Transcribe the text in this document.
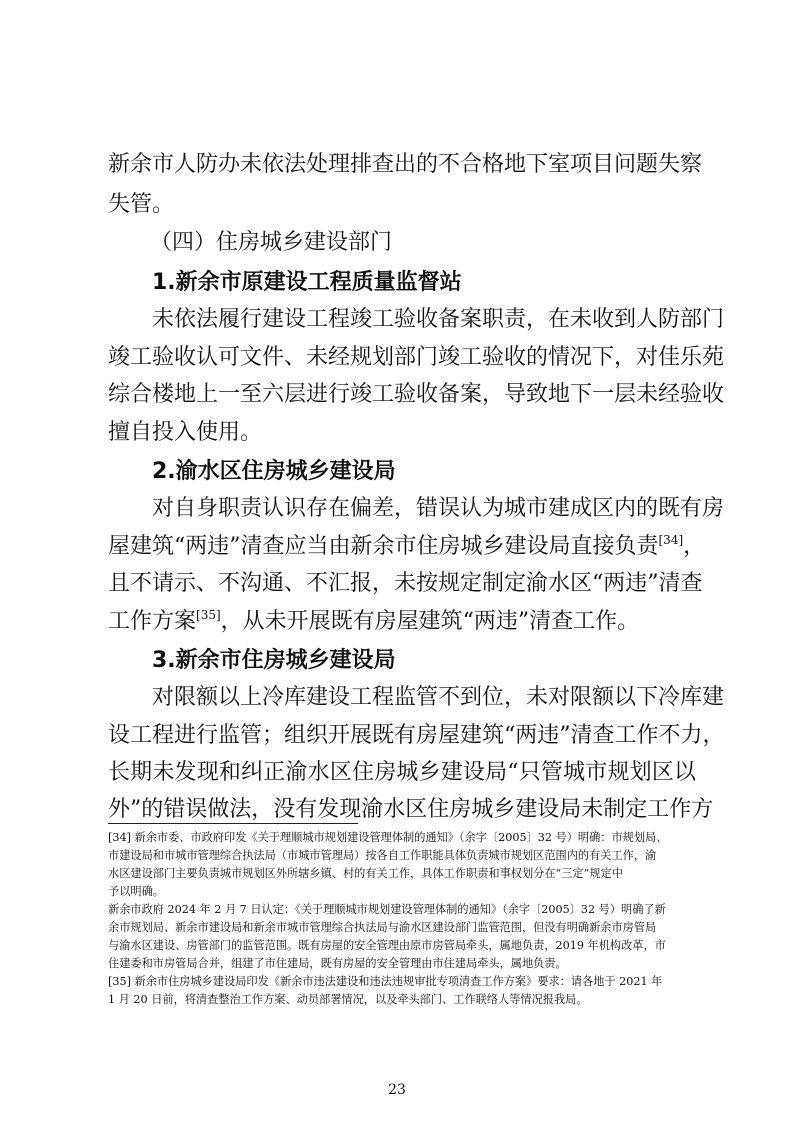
新余市人防办未依法处理排查出的不合格地下室项目问题失察
失管。
（四）住房城乡建设部门
1.新余市原建设工程质量监督站
未依法履行建设工程竣工验收备案职责，在未收到人防部门
竣工验收认可文件、未经规划部门竣工验收的情况下，对佳乐苑
综合楼地上一至六层进行竣工验收备案，导致地下一层未经验收
擅自投入使用。
2.渝水区住房城乡建设局
对自身职责认识存在偏差，错误认为城市建成区内的既有房
屋建筑“两违”清查应当由新余市住房城乡建设局直接负责[34]，
且不请示、不沟通、不汇报，未按规定制定渝水区“两违”清查
工作方案[35]，从未开展既有房屋建筑“两违”清查工作。
3.新余市住房城乡建设局
对限额以上冷库建设工程监管不到位，未对限额以下冷库建
设工程进行监管；组织开展既有房屋建筑“两违”清查工作不力，
长期未发现和纠正渝水区住房城乡建设局“只管城市规划区以
外”的错误做法，没有发现渝水区住房城乡建设局未制定工作方
[34] 新余市委、市政府印发《关于理顺城市规划建设管理体制的通知》（余字〔2005〕32 号）明确：市规划局、
市建设局和市城市管理综合执法局（市城市管理局）按各自工作职能具体负责城市规划区范围内的有关工作，渝
水区建设部门主要负责城市规划区外所辖乡镇、村的有关工作，具体工作职责和事权划分在“三定”规定中
予以明确。
新余市政府 2024 年 2 月 7 日认定：《关于理顺城市规划建设管理体制的通知》（余字〔2005〕32 号）明确了新
余市规划局、新余市建设局和新余市城市管理综合执法局与渝水区建设部门监管范围，但没有明确新余市房管局
与渝水区建设、房管部门的监管范围。既有房屋的安全管理由原市房管局牵头，属地负责，2019 年机构改革，市
住建委和市房管局合并，组建了市住建局，既有房屋的安全管理由市住建局牵头，属地负责。
[35] 新余市住房城乡建设局印发《新余市违法建设和违法违规审批专项清查工作方案》要求：请各地于 2021 年
1 月 20 日前，将清查整治工作方案、动员部署情况，以及牵头部门、工作联络人等情况报我局。
23
